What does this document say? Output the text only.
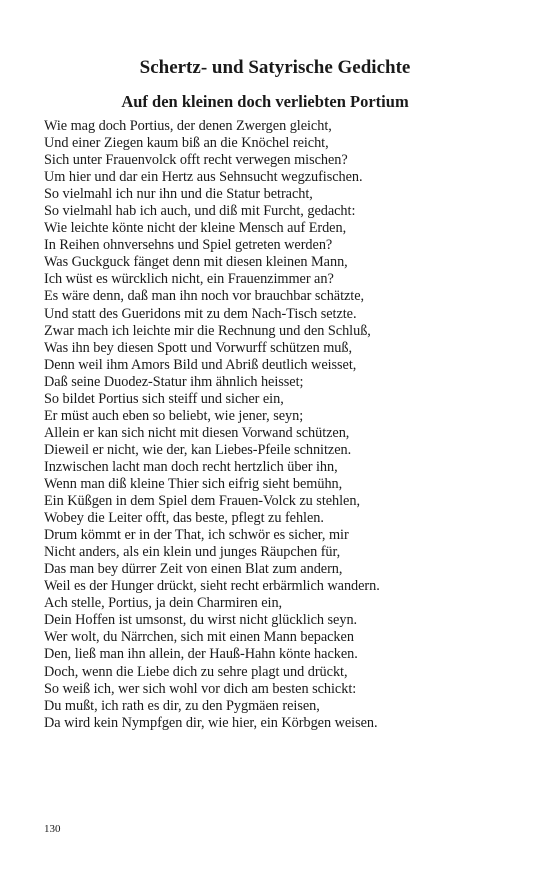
Schertz- und Satyrische Gedichte
Auf den kleinen doch verliebten Portium
Wie mag doch Portius, der denen Zwergen gleicht,
Und einer Ziegen kaum biß an die Knöchel reicht,
Sich unter Frauenvolck offt recht verwegen mischen?
Um hier und dar ein Hertz aus Sehnsucht wegzufischen.
So vielmahl ich nur ihn und die Statur betracht,
So vielmahl hab ich auch, und diß mit Furcht, gedacht:
Wie leichte könte nicht der kleine Mensch auf Erden,
In Reihen ohnversehns und Spiel getreten werden?
Was Guckguck fänget denn mit diesen kleinen Mann,
Ich wüst es würcklich nicht, ein Frauenzimmer an?
Es wäre denn, daß man ihn noch vor brauchbar schätzte,
Und statt des Gueridons mit zu dem Nach-Tisch setzte.
Zwar mach ich leichte mir die Rechnung und den Schluß,
Was ihn bey diesen Spott und Vorwurff schützen muß,
Denn weil ihm Amors Bild und Abriß deutlich weisset,
Daß seine Duodez-Statur ihm ähnlich heisset;
So bildet Portius sich steiff und sicher ein,
Er müst auch eben so beliebt, wie jener, seyn;
Allein er kan sich nicht mit diesen Vorwand schützen,
Dieweil er nicht, wie der, kan Liebes-Pfeile schnitzen.
Inzwischen lacht man doch recht hertzlich über ihn,
Wenn man diß kleine Thier sich eifrig sieht bemühn,
Ein Küßgen in dem Spiel dem Frauen-Volck zu stehlen,
Wobey die Leiter offt, das beste, pflegt zu fehlen.
Drum kömmt er in der That, ich schwör es sicher, mir
Nicht anders, als ein klein und junges Räupchen für,
Das man bey dürrer Zeit von einen Blat zum andern,
Weil es der Hunger drückt, sieht recht erbärmlich wandern.
Ach stelle, Portius, ja dein Charmiren ein,
Dein Hoffen ist umsonst, du wirst nicht glücklich seyn.
Wer wolt, du Närrchen, sich mit einen Mann bepacken
Den, ließ man ihn allein, der Hauß-Hahn könte hacken.
Doch, wenn die Liebe dich zu sehre plagt und drückt,
So weiß ich, wer sich wohl vor dich am besten schickt:
Du mußt, ich rath es dir, zu den Pygmäen reisen,
Da wird kein Nympfgen dir, wie hier, ein Körbgen weisen.
130
